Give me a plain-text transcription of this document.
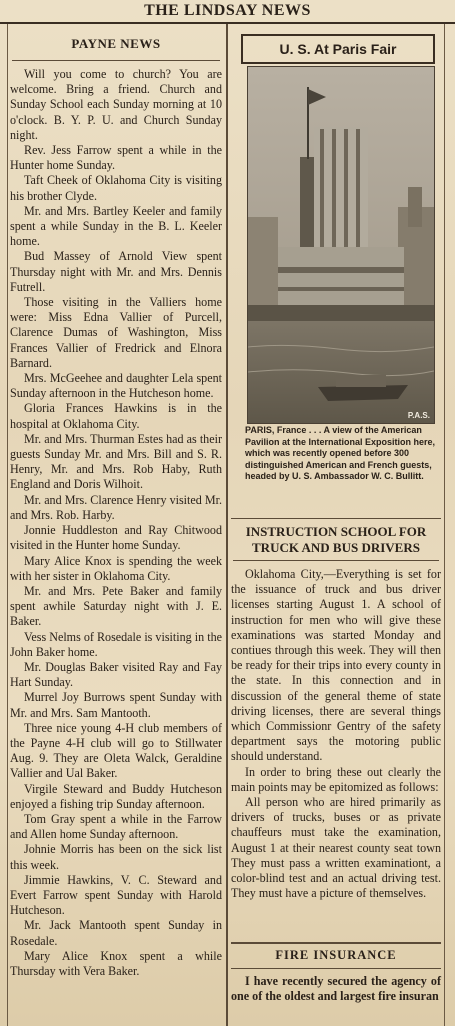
THE LINDSAY NEWS
PAYNE NEWS

Will you come to church? You are welcome. Bring a friend. Church and Sunday School each Sunday morning at 10 o'clock. B. Y. P. U. and Church Sunday night.

Rev. Jess Farrow spent a while in the Hunter home Sunday.

Taft Cheek of Oklahoma City is visiting his brother Clyde.

Mr. and Mrs. Bartley Keeler and family spent a while Sunday in the B. L. Keeler home.

Bud Massey of Arnold View spent Thursday night with Mr. and Mrs. Dennis Futrell.

Those visiting in the Valliers home were: Miss Edna Vallier of Purcell, Clarence Dumas of Washington, Miss Frances Vallier of Fredrick and Elnora Barnard.

Mrs. McGeehee and daughter Lela spent Sunday afternoon in the Hutcheson home.

Gloria Frances Hawkins is in the hospital at Oklahoma City.

Mr. and Mrs. Thurman Estes had as their guests Sunday Mr. and Mrs. Bill and S. R. Henry, Mr. and Mrs. Rob Haby, Ruth England and Doris Wilhoit.

Mr. and Mrs. Clarence Henry visited Mr. and Mrs. Rob. Harby.

Jonnie Huddleston and Ray Chitwood visited in the Hunter home Sunday.

Mary Alice Knox is spending the week with her sister in Oklahoma City.

Mr. and Mrs. Pete Baker and family spent awhile Saturday night with J. E. Baker.

Vess Nelms of Rosedale is visiting in the John Baker home.

Mr. Douglas Baker visited Ray and Fay Hart Sunday.

Murrel Joy Burrows spent Sunday with Mr. and Mrs. Sam Mantooth.

Three nice young 4-H club members of the Payne 4-H club will go to Stillwater Aug. 9. They are Oleta Walck, Geraldine Vallier and Ual Baker.

Virgile Steward and Buddy Hutcheson enjoyed a fishing trip Sunday afternoon.

Tom Gray spent a while in the Farrow and Allen home Sunday afternoon.

Johnie Morris has been on the sick list this week.

Jimmie Hawkins, V. C. Steward and Evert Farrow spent Sunday with Harold Hutcheson.

Mr. Jack Mantooth spent Sunday in Rosedale.

Mary Alice Knox spent a while Thursday with Vera Baker.

U. S. At Paris Fair
P.A.S.
PARIS, France . . . A view of the American Pavilion at the International Exposition here, which was recently opened before 300 distinguished American and French guests, headed by U. S. Ambassador W. C. Bullitt.
INSTRUCTION SCHOOL FOR TRUCK AND BUS DRIVERS

Oklahoma City,—Everything is set for the issuance of truck and bus driver licenses starting August 1. A school of instruction for men who will give these examinations was started Monday and contiues through this week. They will then be ready for their trips into every county in the state. In this connection and in discussion of the general theme of state driving licenses, there are several things which Commissionr Gentry of the safety department says the motoring public should understand.

In order to bring these out clearly the main points may be epitomized as follows:

All person who are hired primarily as drivers of trucks, buses or as private chauffeurs must take the examination, August 1 at their nearest county seat town They must pass a written examinationt, a color-blind test and an actual driving test. They must have a picture of themselves.

FIRE INSURANCE

I have recently secured the agency of one of the oldest and largest fire insuran
